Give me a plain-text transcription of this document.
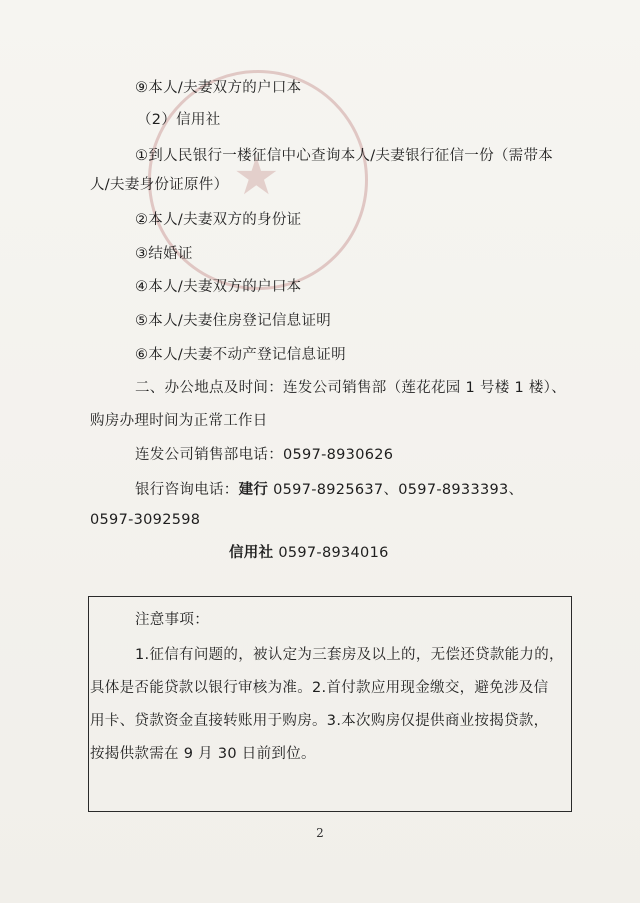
★
⑨本人/夫妻双方的户口本
（2）信用社
①到人民银行一楼征信中心查询本人/夫妻银行征信一份（需带本
人/夫妻身份证原件）
②本人/夫妻双方的身份证
③结婚证
④本人/夫妻双方的户口本
⑤本人/夫妻住房登记信息证明
⑥本人/夫妻不动产登记信息证明
二、办公地点及时间：连发公司销售部（莲花花园 1 号楼 1 楼）、
购房办理时间为正常工作日
连发公司销售部电话：0597-8930626
银行咨询电话：建行 0597-8925637、0597-8933393、
0597-3092598
信用社 0597-8934016
注意事项：
1.征信有问题的，被认定为三套房及以上的，无偿还贷款能力的，
具体是否能贷款以银行审核为准。2.首付款应用现金缴交，避免涉及信
用卡、贷款资金直接转账用于购房。3.本次购房仅提供商业按揭贷款，
按揭供款需在 9 月 30 日前到位。
2
